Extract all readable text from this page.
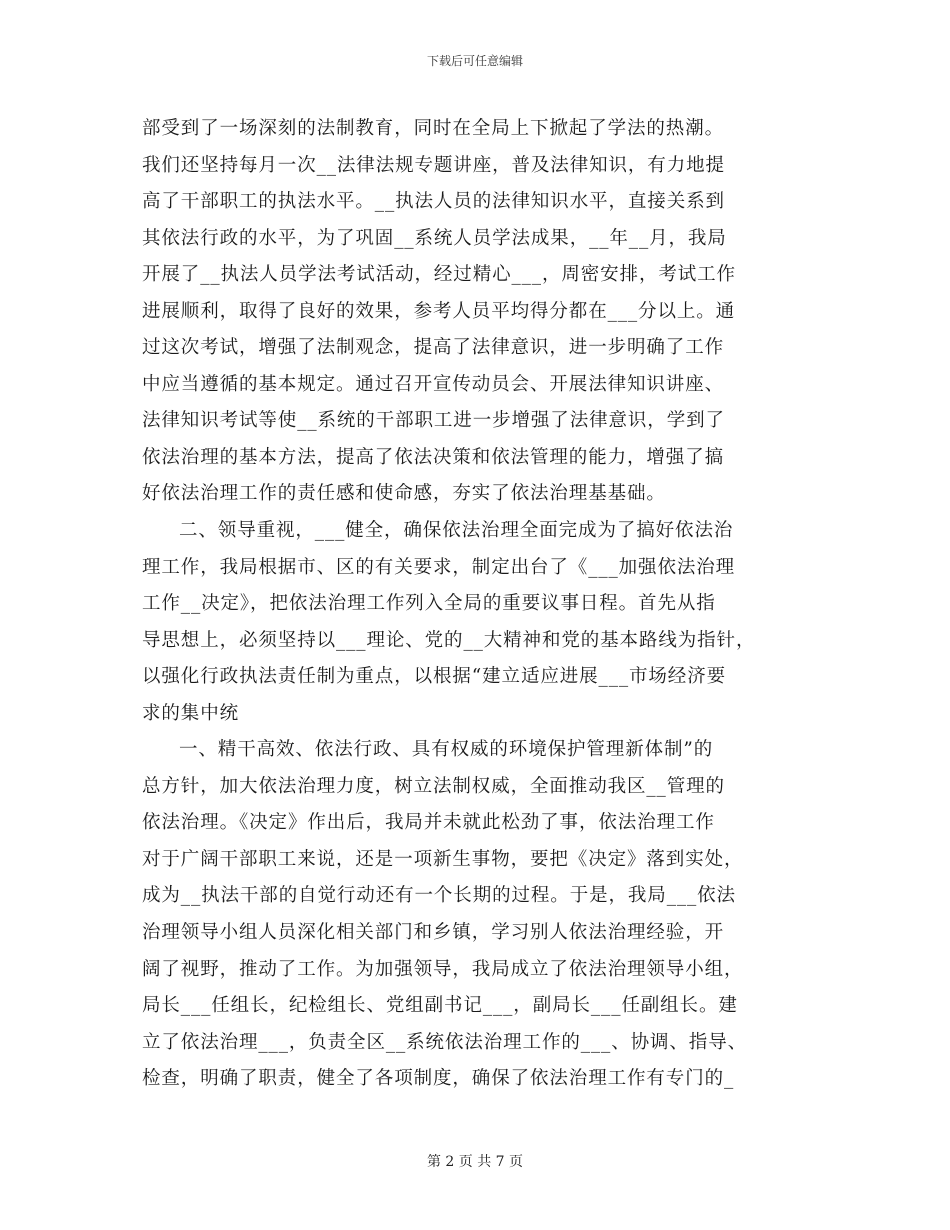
下载后可任意编辑
部受到了一场深刻的法制教育，同时在全局上下掀起了学法的热潮。
我们还坚持每月一次__法律法规专题讲座，普及法律知识，有力地提
高了干部职工的执法水平。__执法人员的法律知识水平，直接关系到
其依法行政的水平，为了巩固__系统人员学法成果，__年__月，我局
开展了__执法人员学法考试活动，经过精心___，周密安排，考试工作
进展顺利，取得了良好的效果，参考人员平均得分都在___分以上。通
过这次考试，增强了法制观念，提高了法律意识，进一步明确了工作
中应当遵循的基本规定。通过召开宣传动员会、开展法律知识讲座、
法律知识考试等使__系统的干部职工进一步增强了法律意识，学到了
依法治理的基本方法，提高了依法决策和依法管理的能力，增强了搞
好依法治理工作的责任感和使命感，夯实了依法治理基基础。
二、领导重视，___健全，确保依法治理全面完成为了搞好依法治
理工作，我局根据市、区的有关要求，制定出台了《___加强依法治理
工作__决定》，把依法治理工作列入全局的重要议事日程。首先从指
导思想上，必须坚持以___理论、党的__大精神和党的基本路线为指针，
以强化行政执法责任制为重点，以根据“建立适应进展___市场经济要
求的集中统
一、精干高效、依法行政、具有权威的环境保护管理新体制”的
总方针，加大依法治理力度，树立法制权威，全面推动我区__管理的
依法治理。《决定》作出后，我局并未就此松劲了事，依法治理工作
对于广阔干部职工来说，还是一项新生事物，要把《决定》落到实处，
成为__执法干部的自觉行动还有一个长期的过程。于是，我局___依法
治理领导小组人员深化相关部门和乡镇，学习别人依法治理经验，开
阔了视野，推动了工作。为加强领导，我局成立了依法治理领导小组，
局长___任组长，纪检组长、党组副书记___，副局长___任副组长。建
立了依法治理___，负责全区__系统依法治理工作的___、协调、指导、
检查，明确了职责，健全了各项制度，确保了依法治理工作有专门的_
第 2 页 共 7 页
